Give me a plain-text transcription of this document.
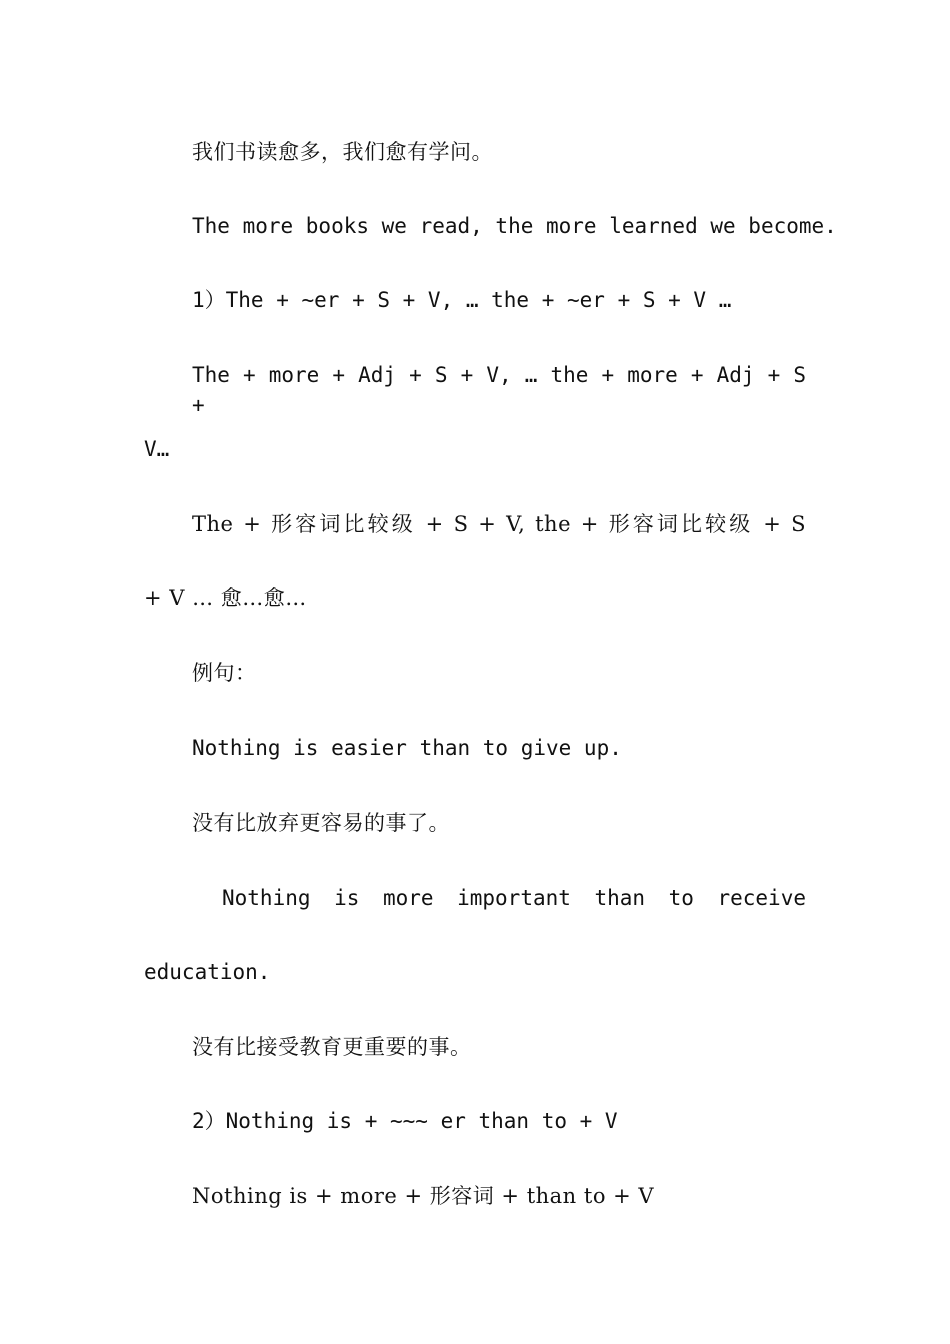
我们书读愈多，我们愈有学问。
The more books we read, the more learned we become.
1）The + ~er + S + V, … the + ~er + S + V …
The + more + Adj + S + V, … the + more + Adj + S +
V…
The + 形容词比较级 + S + V, the + 形容词比较级 + S
+ V … 愈…愈…
例句：
Nothing is easier than to give up.
没有比放弃更容易的事了。
Nothing is more important than to receive
education.
没有比接受教育更重要的事。
2）Nothing is + ~~~ er than to + V
Nothing is + more + 形容词 + than to + V
